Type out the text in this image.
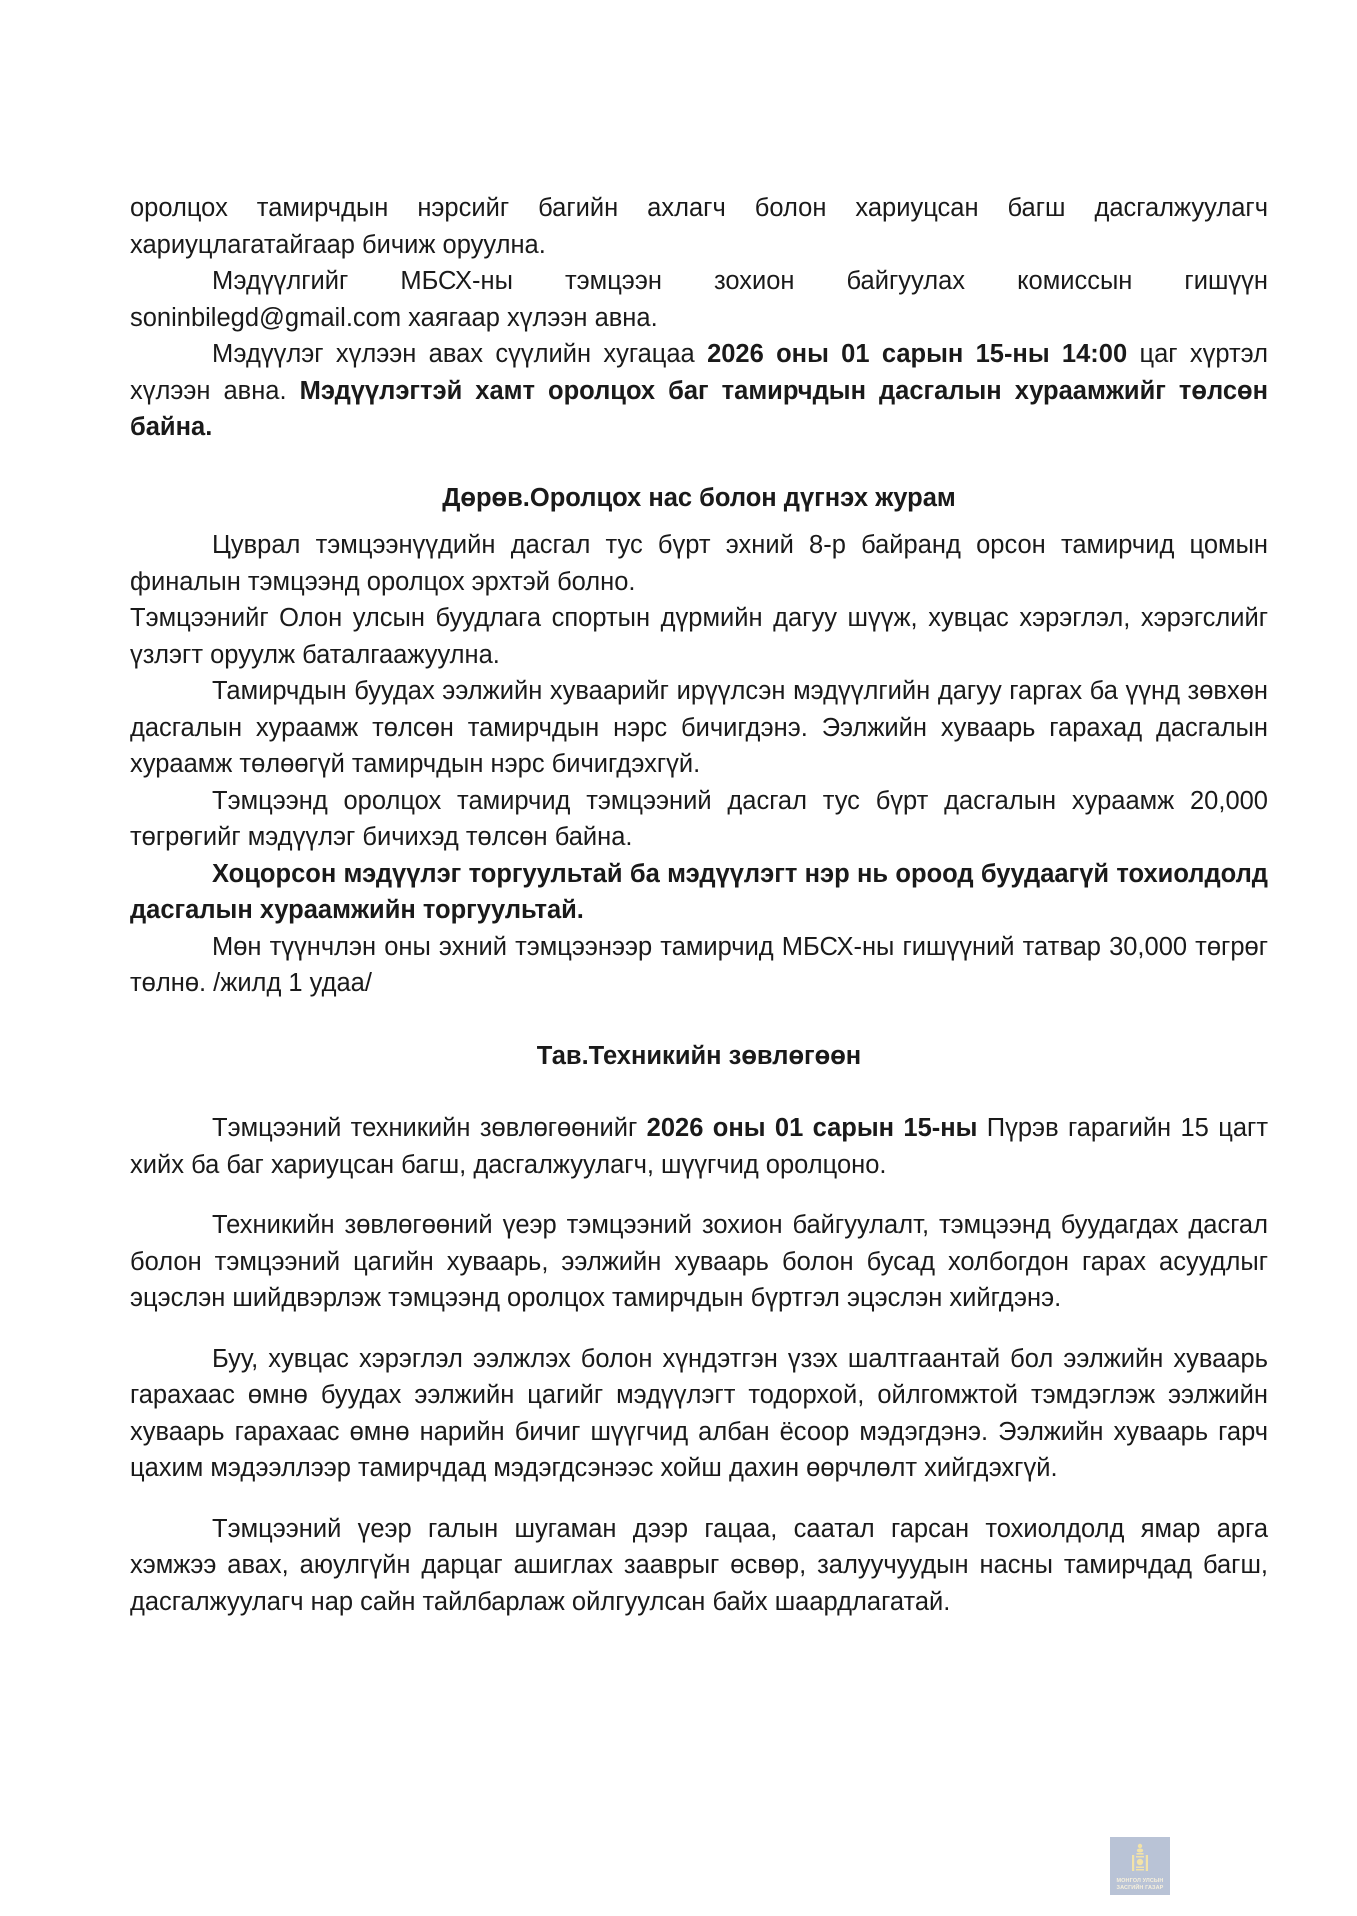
оролцох тамирчдын нэрсийг багийн ахлагч болон хариуцсан багш дасгалжуулагч хариуцлагатайгаар бичиж оруулна.

Мэдүүлгийг МБСХ-ны тэмцээн зохион байгуулах комиссын гишүүн soninbilegd@gmail.com хаягаар хүлээн авна.

Мэдүүлэг хүлээн авах сүүлийн хугацаа 2026 оны 01 сарын 15-ны 14:00 цаг хүртэл хүлээн авна. Мэдүүлэгтэй хамт оролцох баг тамирчдын дасгалын хураамжийг төлсөн байна.

Дөрөв.Оролцох нас болон дүгнэх журам

Цуврал тэмцээнүүдийн дасгал тус бүрт эхний 8-р байранд орсон тамирчид цомын финалын тэмцээнд оролцох эрхтэй болно.

Тэмцээнийг Олон улсын буудлага спортын дүрмийн дагуу шүүж, хувцас хэрэглэл, хэрэгслийг үзлэгт оруулж баталгаажуулна.

Тамирчдын буудах ээлжийн хуваарийг ирүүлсэн мэдүүлгийн дагуу гаргах ба үүнд зөвхөн дасгалын хураамж төлсөн тамирчдын нэрс бичигдэнэ. Ээлжийн хуваарь гарахад дасгалын хураамж төлөөгүй тамирчдын нэрс бичигдэхгүй.

Тэмцээнд оролцох тамирчид тэмцээний дасгал тус бүрт дасгалын хураамж 20,000 төгрөгийг мэдүүлэг бичихэд төлсөн байна.

Хоцорсон мэдүүлэг торгуультай ба мэдүүлэгт нэр нь ороод буудаагүй тохиолдолд дасгалын хураамжийн торгуультай.

Мөн түүнчлэн оны эхний тэмцээнээр тамирчид МБСХ-ны гишүүний татвар 30,000 төгрөг төлнө. /жилд 1 удаа/

Тав.Техникийн зөвлөгөөн

Тэмцээний техникийн зөвлөгөөнийг 2026 оны 01 сарын 15-ны Пүрэв гарагийн 15 цагт хийх ба баг хариуцсан багш, дасгалжуулагч, шүүгчид оролцоно.

Техникийн зөвлөгөөний үеэр тэмцээний зохион байгуулалт, тэмцээнд буудагдах дасгал болон тэмцээний цагийн хуваарь, ээлжийн хуваарь болон бусад холбогдон гарах асуудлыг эцэслэн шийдвэрлэж тэмцээнд оролцох тамирчдын бүртгэл эцэслэн хийгдэнэ.

Буу, хувцас хэрэглэл ээлжлэх болон хүндэтгэн үзэх шалтгаантай бол ээлжийн хуваарь гарахаас өмнө буудах ээлжийн цагийг мэдүүлэгт тодорхой, ойлгомжтой тэмдэглэж ээлжийн хуваарь гарахаас өмнө нарийн бичиг шүүгчид албан ёсоор мэдэгдэнэ. Ээлжийн хуваарь гарч цахим мэдээллээр тамирчдад мэдэгдсэнээс хойш дахин өөрчлөлт хийгдэхгүй.

Тэмцээний үеэр галын шугаман дээр гацаа, саатал гарсан тохиолдолд ямар арга хэмжээ авах, аюулгүйн дарцаг ашиглах зааврыг өсвөр, залуучуудын насны тамирчдад багш, дасгалжуулагч нар сайн тайлбарлаж ойлгуулсан байх шаардлагатай.

МОНГОЛ УЛСЫН
ЗАСГИЙН ГАЗАР
